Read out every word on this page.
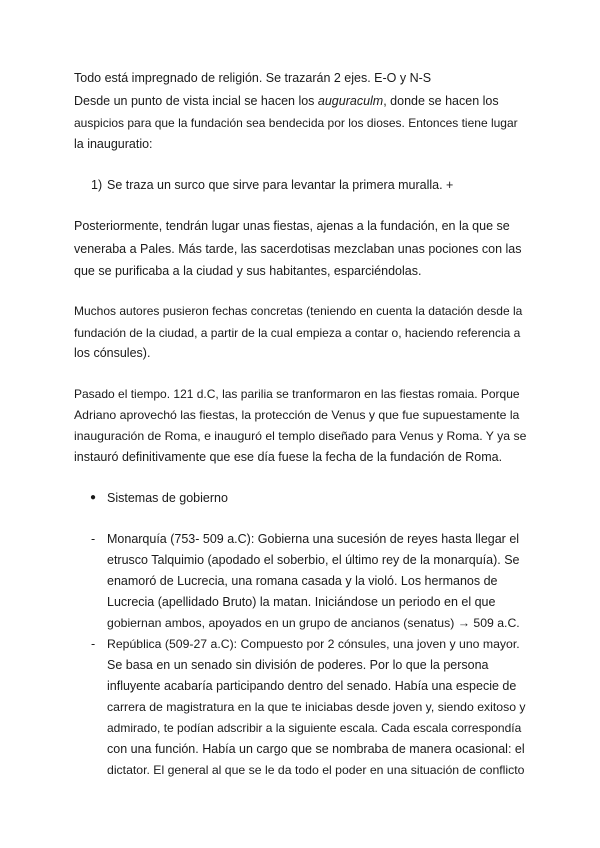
Todo está impregnado de religión. Se trazarán 2 ejes. E-O y N-S
Desde un punto de vista incial se hacen los auguraculm, donde se hacen los
auspicios para que la fundación sea bendecida por los dioses. Entonces tiene lugar
la inauguratio:
1) Se traza un surco que sirve para levantar la primera muralla. +
Posteriormente, tendrán lugar unas fiestas, ajenas a la fundación, en la que se
veneraba a Pales. Más tarde, las sacerdotisas mezclaban unas pociones con las
que se purificaba a la ciudad y sus habitantes, esparciéndolas.
Muchos autores pusieron fechas concretas (teniendo en cuenta la datación desde la
fundación de la ciudad, a partir de la cual empieza a contar o, haciendo referencia a
los cónsules).
Pasado el tiempo. 121 d.C, las parilia se tranformaron en las fiestas romaia. Porque
Adriano aprovechó las fiestas, la protección de Venus y que fue supuestamente la
inauguración de Roma, e inauguró el templo diseñado para Venus y Roma. Y ya se
instauró definitivamente que ese día fuese la fecha de la fundación de Roma.
● Sistemas de gobierno
- Monarquía (753- 509 a.C): Gobierna una sucesión de reyes hasta llegar el
etrusco Talquimio (apodado el soberbio, el último rey de la monarquía). Se
enamoró de Lucrecia, una romana casada y la violó. Los hermanos de
Lucrecia (apellidado Bruto) la matan. Iniciándose un periodo en el que
gobiernan ambos, apoyados en un grupo de ancianos (senatus) → 509 a.C.
- República (509-27 a.C): Compuesto por 2 cónsules, una joven y uno mayor.
Se basa en un senado sin división de poderes. Por lo que la persona
influyente acabaría participando dentro del senado. Había una especie de
carrera de magistratura en la que te iniciabas desde joven y, siendo exitoso y
admirado, te podían adscribir a la siguiente escala. Cada escala correspondía
con una función. Había un cargo que se nombraba de manera ocasional: el
dictator. El general al que se le da todo el poder en una situación de conflicto
